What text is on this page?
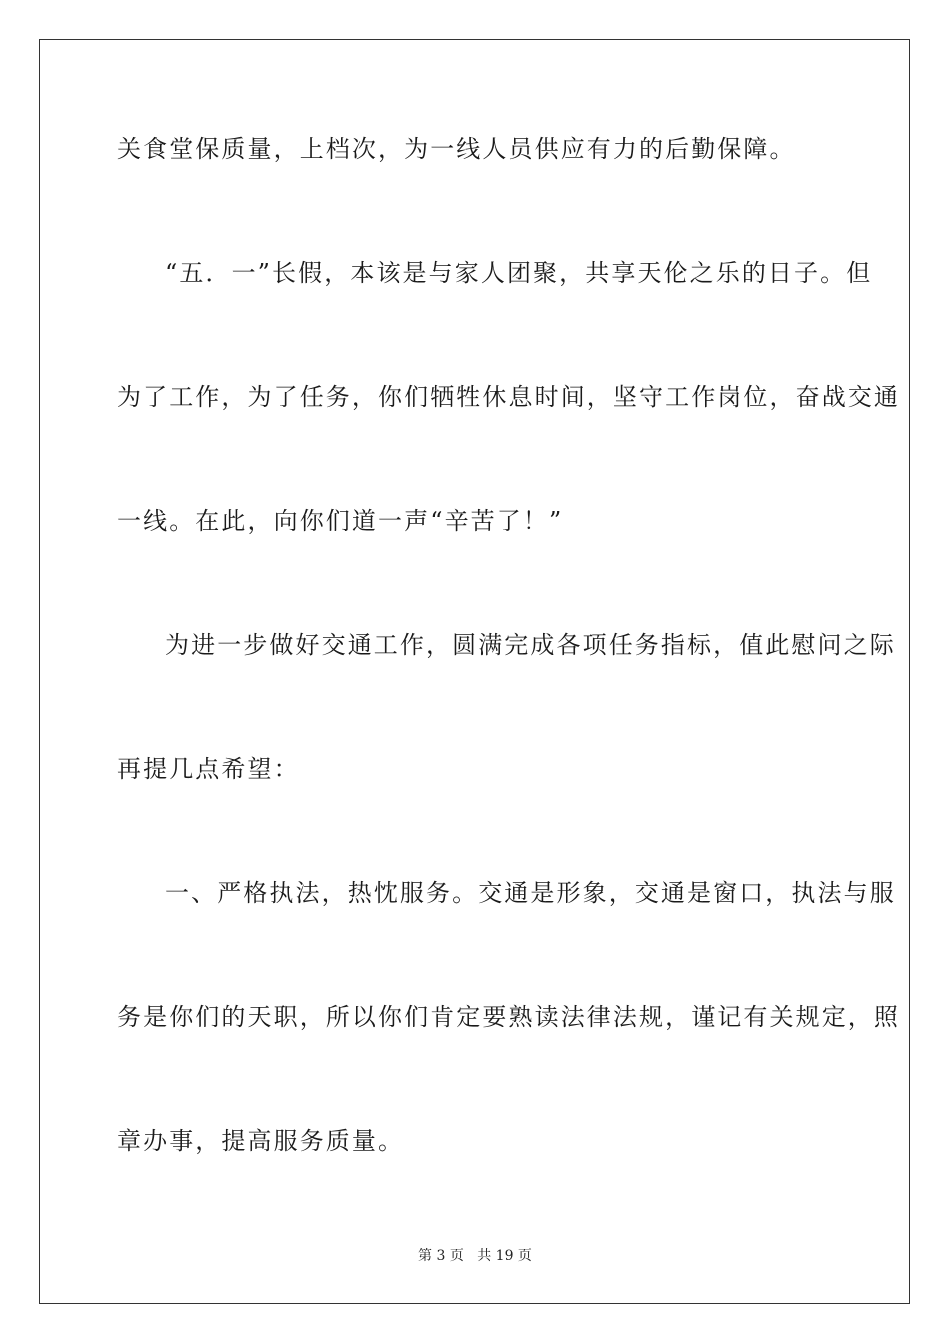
关食堂保质量，上档次，为一线人员供应有力的后勤保障。
“五．一”长假，本该是与家人团聚，共享天伦之乐的日子。但
为了工作，为了任务，你们牺牲休息时间，坚守工作岗位，奋战交通
一线。在此，向你们道一声“辛苦了！”
为进一步做好交通工作，圆满完成各项任务指标，值此慰问之际
再提几点希望：
一、严格执法，热忱服务。交通是形象，交通是窗口，执法与服
务是你们的天职，所以你们肯定要熟读法律法规，谨记有关规定，照
章办事，提高服务质量。
第 3 页 共 19 页
